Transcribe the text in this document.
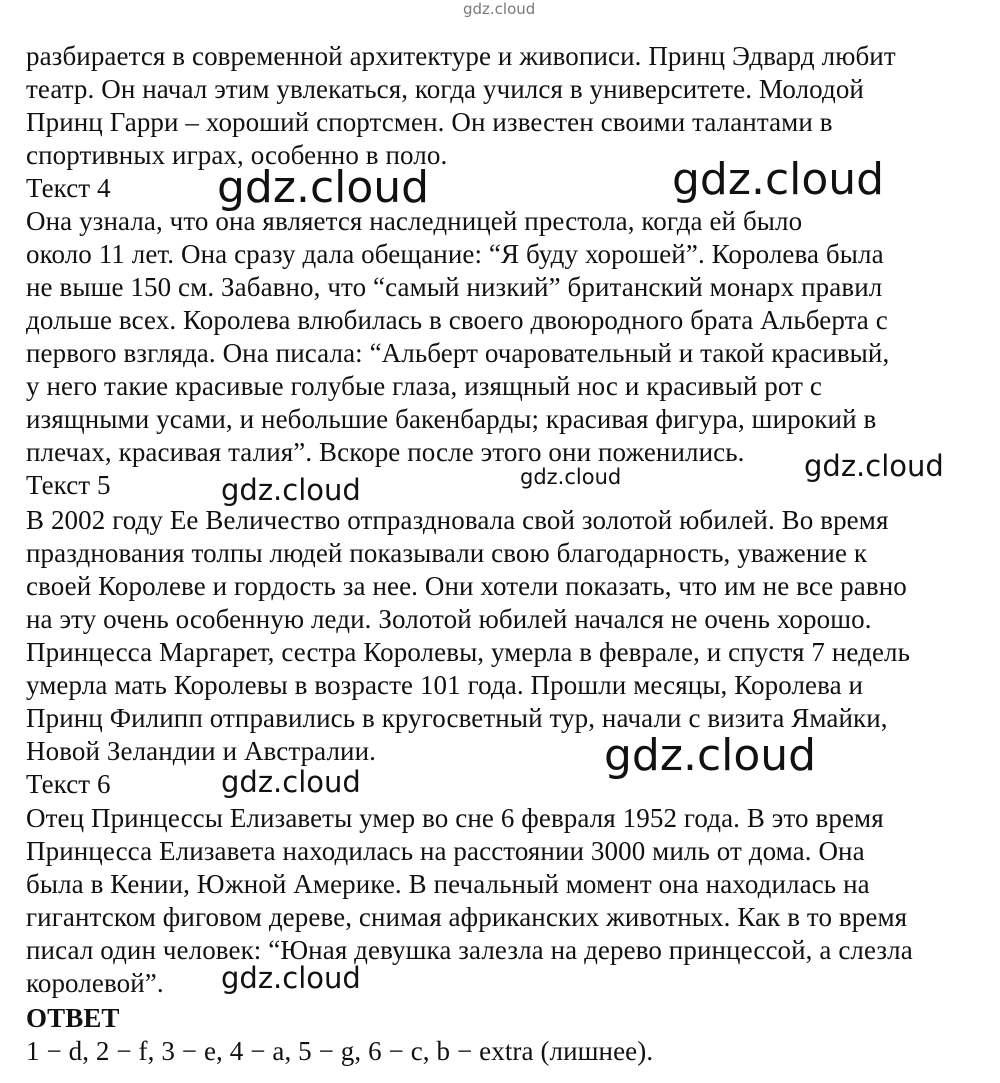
gdz.cloud
разбирается в современной архитектуре и живописи. Принц Эдвард любит
театр. Он начал этим увлекаться, когда учился в университете. Молодой
Принц Гарри – хороший спортсмен. Он известен своими талантами в
спортивных играх, особенно в поло.
Текст 4
Она узнала, что она является наследницей престола, когда ей было
около 11 лет. Она сразу дала обещание: “Я буду хорошей”. Королева была
не выше 150 см. Забавно, что “самый низкий” британский монарх правил
дольше всех. Королева влюбилась в своего двоюродного брата Альберта с
первого взгляда. Она писала: “Альберт очаровательный и такой красивый,
у него такие красивые голубые глаза, изящный нос и красивый рот с
изящными усами, и небольшие бакенбарды; красивая фигура, широкий в
плечах, красивая талия”. Вскоре после этого они поженились.
Текст 5
В 2002 году Ее Величество отпраздновала свой золотой юбилей. Во время
празднования толпы людей показывали свою благодарность, уважение к
своей Королеве и гордость за нее. Они хотели показать, что им не все равно
на эту очень особенную леди. Золотой юбилей начался не очень хорошо.
Принцесса Маргарет, сестра Королевы, умерла в феврале, и спустя 7 недель
умерла мать Королевы в возрасте 101 года. Прошли месяцы, Королева и
Принц Филипп отправились в кругосветный тур, начали с визита Ямайки,
Новой Зеландии и Австралии.
Текст 6
Отец Принцессы Елизаветы умер во сне 6 февраля 1952 года. В это время
Принцесса Елизавета находилась на расстоянии 3000 миль от дома. Она
была в Кении, Южной Америке. В печальный момент она находилась на
гигантском фиговом дереве, снимая африканских животных. Как в то время
писал один человек: “Юная девушка залезла на дерево принцессой, а слезла
королевой”.
ОТВЕТ
1 − d, 2 − f, 3 − e, 4 − a, 5 − g, 6 − c, b − extra (лишнее).
gdz.cloud	gdz.cloud
gdz.cloud
gdz.cloud	gdz.cloud
gdz.cloud
gdz.cloud
gdz.cloud
